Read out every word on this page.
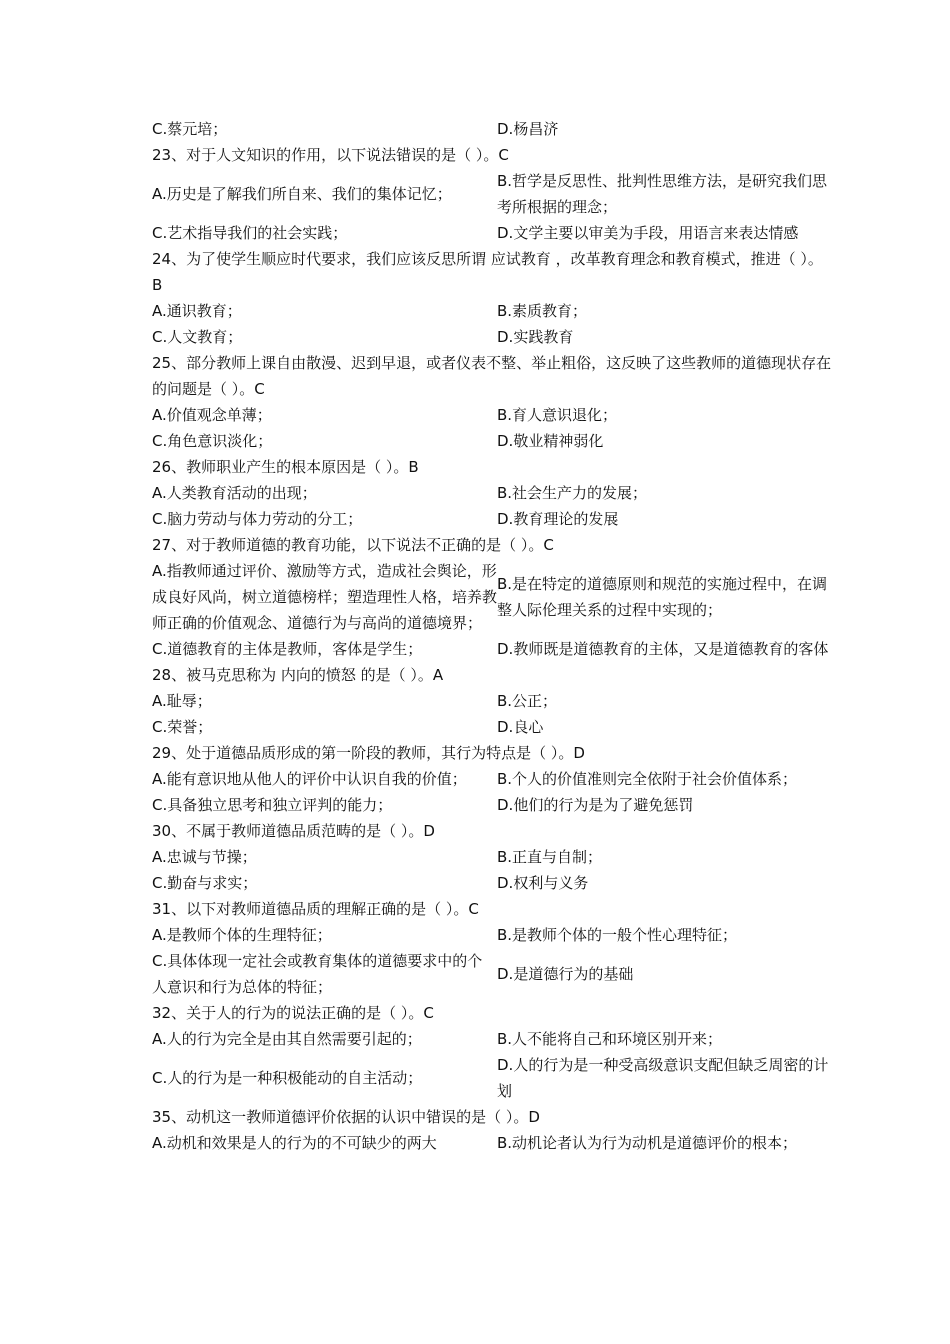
C.蔡元培；	D.杨昌济
23、对于人文知识的作用，以下说法错误的是（ ）。C
A.历史是了解我们所自来、我们的集体记忆；
B.哲学是反思性、批判性思维方法，是研究我们思考所根据的理念；
C.艺术指导我们的社会实践；	D.文学主要以审美为手段，用语言来表达情感
24、为了使学生顺应时代要求，我们应该反思所谓 应试教育 ，改革教育理念和教育模式，推进（ ）。B
A.通识教育；	B.素质教育；
C.人文教育；	D.实践教育
25、部分教师上课自由散漫、迟到早退，或者仪表不整、举止粗俗，这反映了这些教师的道德现状存在的问题是（ ）。C
A.价值观念单薄；	B.育人意识退化；
C.角色意识淡化；	D.敬业精神弱化
26、教师职业产生的根本原因是（ ）。B
A.人类教育活动的出现；	B.社会生产力的发展；
C.脑力劳动与体力劳动的分工；	D.教育理论的发展
27、对于教师道德的教育功能，以下说法不正确的是（ ）。C
A.指教师通过评价、激励等方式，造成社会舆论，形成良好风尚，树立道德榜样；塑造理性人格，培养教师正确的价值观念、道德行为与高尚的道德境界；
B.是在特定的道德原则和规范的实施过程中，在调整人际伦理关系的过程中实现的；
C.道德教育的主体是教师，客体是学生；	D.教师既是道德教育的主体，又是道德教育的客体
28、被马克思称为 内向的愤怒 的是（ ）。A
A.耻辱；	B.公正；
C.荣誉；	D.良心
29、处于道德品质形成的第一阶段的教师，其行为特点是（ ）。D
A.能有意识地从他人的评价中认识自我的价值；	B.个人的价值准则完全依附于社会价值体系；
C.具备独立思考和独立评判的能力；	D.他们的行为是为了避免惩罚
30、不属于教师道德品质范畴的是（ ）。D
A.忠诚与节操；	B.正直与自制；
C.勤奋与求实；	D.权利与义务
31、以下对教师道德品质的理解正确的是（ ）。C
A.是教师个体的生理特征；	B.是教师个体的一般个性心理特征；
C.具体体现一定社会或教育集体的道德要求中的个人意识和行为总体的特征；
D.是道德行为的基础
32、关于人的行为的说法正确的是（ ）。C
A.人的行为完全是由其自然需要引起的；	B.人不能将自己和环境区别开来；
C.人的行为是一种积极能动的自主活动；
D.人的行为是一种受高级意识支配但缺乏周密的计划
35、动机这一教师道德评价依据的认识中错误的是（ ）。D
A.动机和效果是人的行为的不可缺少的两大	B.动机论者认为行为动机是道德评价的根本；
